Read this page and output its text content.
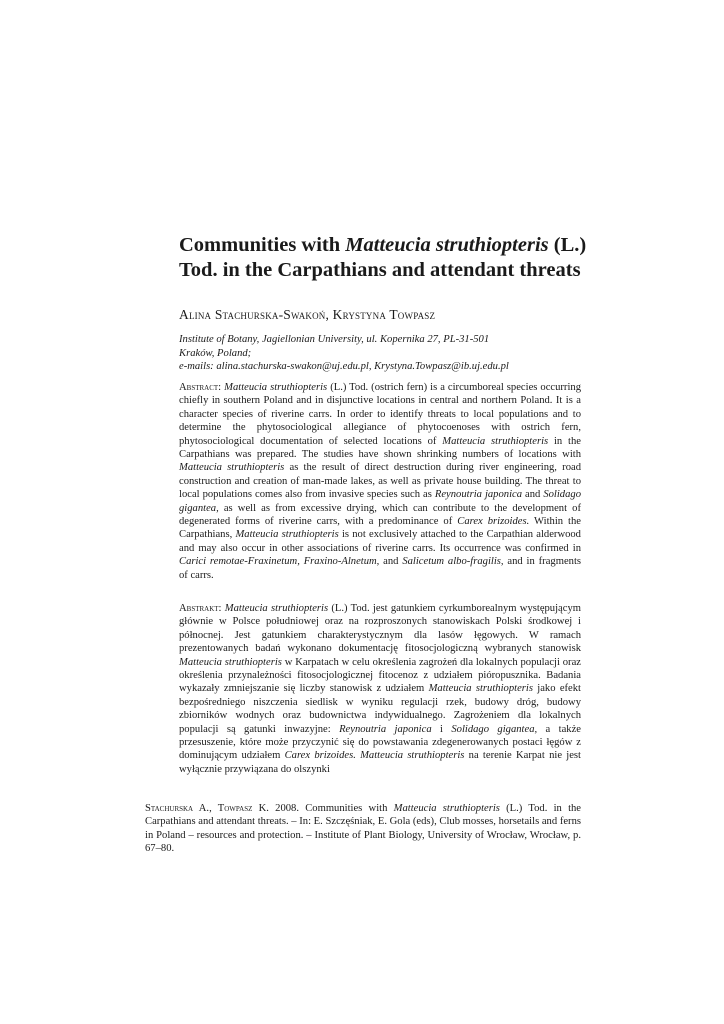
Communities with Matteucia struthiopteris (L.) Tod. in the Carpathians and attendant threats
Alina Stachurska-Swakoń, Krystyna Towpasz
Institute of Botany, Jagiellonian University, ul. Kopernika 27, PL-31-501
Kraków, Poland;
e-mails: alina.stachurska-swakon@uj.edu.pl, Krystyna.Towpasz@ib.uj.edu.pl

Abstract: Matteucia struthiopteris (L.) Tod. (ostrich fern) is a circumboreal species occurring chiefly in southern Poland and in disjunctive locations in central and northern Poland. It is a character species of riverine carrs. In order to identify threats to local populations and to determine the phytosociological allegiance of phytocoenoses with ostrich fern, phytosociological documentation of selected locations of Matteucia struthiopteris in the Carpathians was prepared. The studies have shown shrinking numbers of locations with Matteucia struthiopteris as the result of direct destruction during river engineering, road construction and creation of man-made lakes, as well as private house building. The threat to local populations comes also from invasive species such as Reynoutria japonica and Solidago gigantea, as well as from excessive drying, which can contribute to the development of degenerated forms of riverine carrs, with a predominance of Carex brizoides. Within the Carpathians, Matteucia struthiopteris is not exclusively attached to the Carpathian alderwood and may also occur in other associations of riverine carrs. Its occurrence was confirmed in Carici remotae-Fraxinetum, Fraxino-Alnetum, and Salicetum albo-fragilis, and in fragments of carrs.

Abstrakt: Matteucia struthiopteris (L.) Tod. jest gatunkiem cyrkumborealnym występującym głównie w Polsce południowej oraz na rozproszonych stanowiskach Polski środkowej i północnej. Jest gatunkiem charakterystycznym dla lasów łęgowych. W ramach prezentowanych badań wykonano dokumentację fitosocjologiczną wybranych stanowisk Matteucia struthiopteris w Karpatach w celu określenia zagrożeń dla lokalnych populacji oraz określenia przynależności fitosocjologicznej fitocenoz z udziałem pióropusznika. Badania wykazały zmniejszanie się liczby stanowisk z udziałem Matteucia struthiopteris jako efekt bezpośredniego niszczenia siedlisk w wyniku regulacji rzek, budowy dróg, budowy zbiorników wodnych oraz budownictwa indywidualnego. Zagrożeniem dla lokalnych populacji są gatunki inwazyjne: Reynoutria japonica i Solidago gigantea, a także przesuszenie, które może przyczynić się do powstawania zdegenerowanych postaci łęgów z dominującym udziałem Carex brizoides. Matteucia struthiopteris na terenie Karpat nie jest wyłącznie przywiązana do olszynki

Stachurska A., Towpasz K. 2008. Communities with Matteucia struthiopteris (L.) Tod. in the Carpathians and attendant threats. – In: E. Szczęśniak, E. Gola (eds), Club mosses, horsetails and ferns in Poland – resources and protection. – Institute of Plant Biology, University of Wrocław, Wrocław, p. 67–80.
